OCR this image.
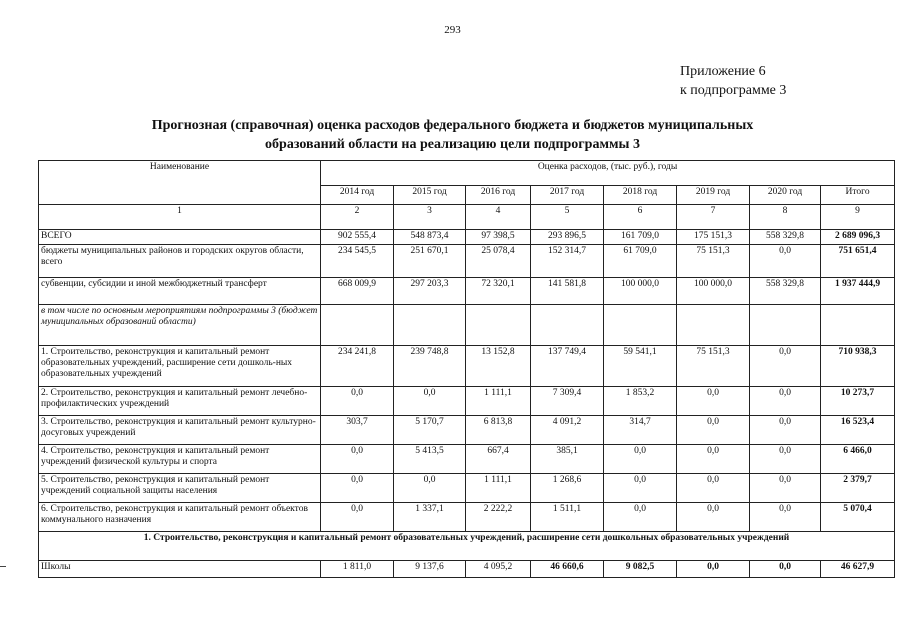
293
Приложение 6
к подпрограмме 3
Прогнозная (справочная) оценка расходов федерального бюджета и бюджетов муниципальных
образований области на реализацию цели подпрограммы 3
Наименование	Оценка расходов, (тыс. руб.), годы							
	2014 год	2015 год	2016 год	2017 год	2018 год	2019 год	2020 год	Итого
1	2	3	4	5	6	7	8	9
ВСЕГО	902 555,4	548 873,4	97 398,5	293 896,5	161 709,0	175 151,3	558 329,8	2 689 096,3
бюджеты муниципальных районов и городских округов области, всего	234 545,5	251 670,1	25 078,4	152 314,7	61 709,0	75 151,3	0,0	751 651,4
субвенции, субсидии и иной межбюджетный трансферт	668 009,9	297 203,3	72 320,1	141 581,8	100 000,0	100 000,0	558 329,8	1 937 444,9
в том числе по основным мероприятиям подпрограммы 3 (бюджет муниципальных образований области)								
1. Строительство, реконструкция и капитальный ремонт образовательных учреждений, расширение сети дошколь-ных образовательных учреждений	234 241,8	239 748,8	13 152,8	137 749,4	59 541,1	75 151,3	0,0	710 938,3
2. Строительство, реконструкция и капитальный ремонт лечебно-профилактических учреждений	0,0	0,0	1 111,1	7 309,4	1 853,2	0,0	0,0	10 273,7
3. Строительство, реконструкция и капитальный ремонт культурно-досуговых учреждений	303,7	5 170,7	6 813,8	4 091,2	314,7	0,0	0,0	16 523,4
4. Строительство, реконструкция и капитальный ремонт учреждений физической культуры и спорта	0,0	5 413,5	667,4	385,1	0,0	0,0	0,0	6 466,0
5. Строительство, реконструкция и капитальный ремонт учреждений социальной защиты населения	0,0	0,0	1 111,1	1 268,6	0,0	0,0	0,0	2 379,7
6. Строительство, реконструкция и капитальный ремонт объектов коммунального назначения	0,0	1 337,1	2 222,2	1 511,1	0,0	0,0	0,0	5 070,4
1. Строительство, реконструкция и капитальный ремонт образовательных учреждений, расширение сети дошкольных образовательных учреждений								
Школы	1 811,0	9 137,6	4 095,2	46 660,6	9 082,5	0,0	0,0	46 627,9
